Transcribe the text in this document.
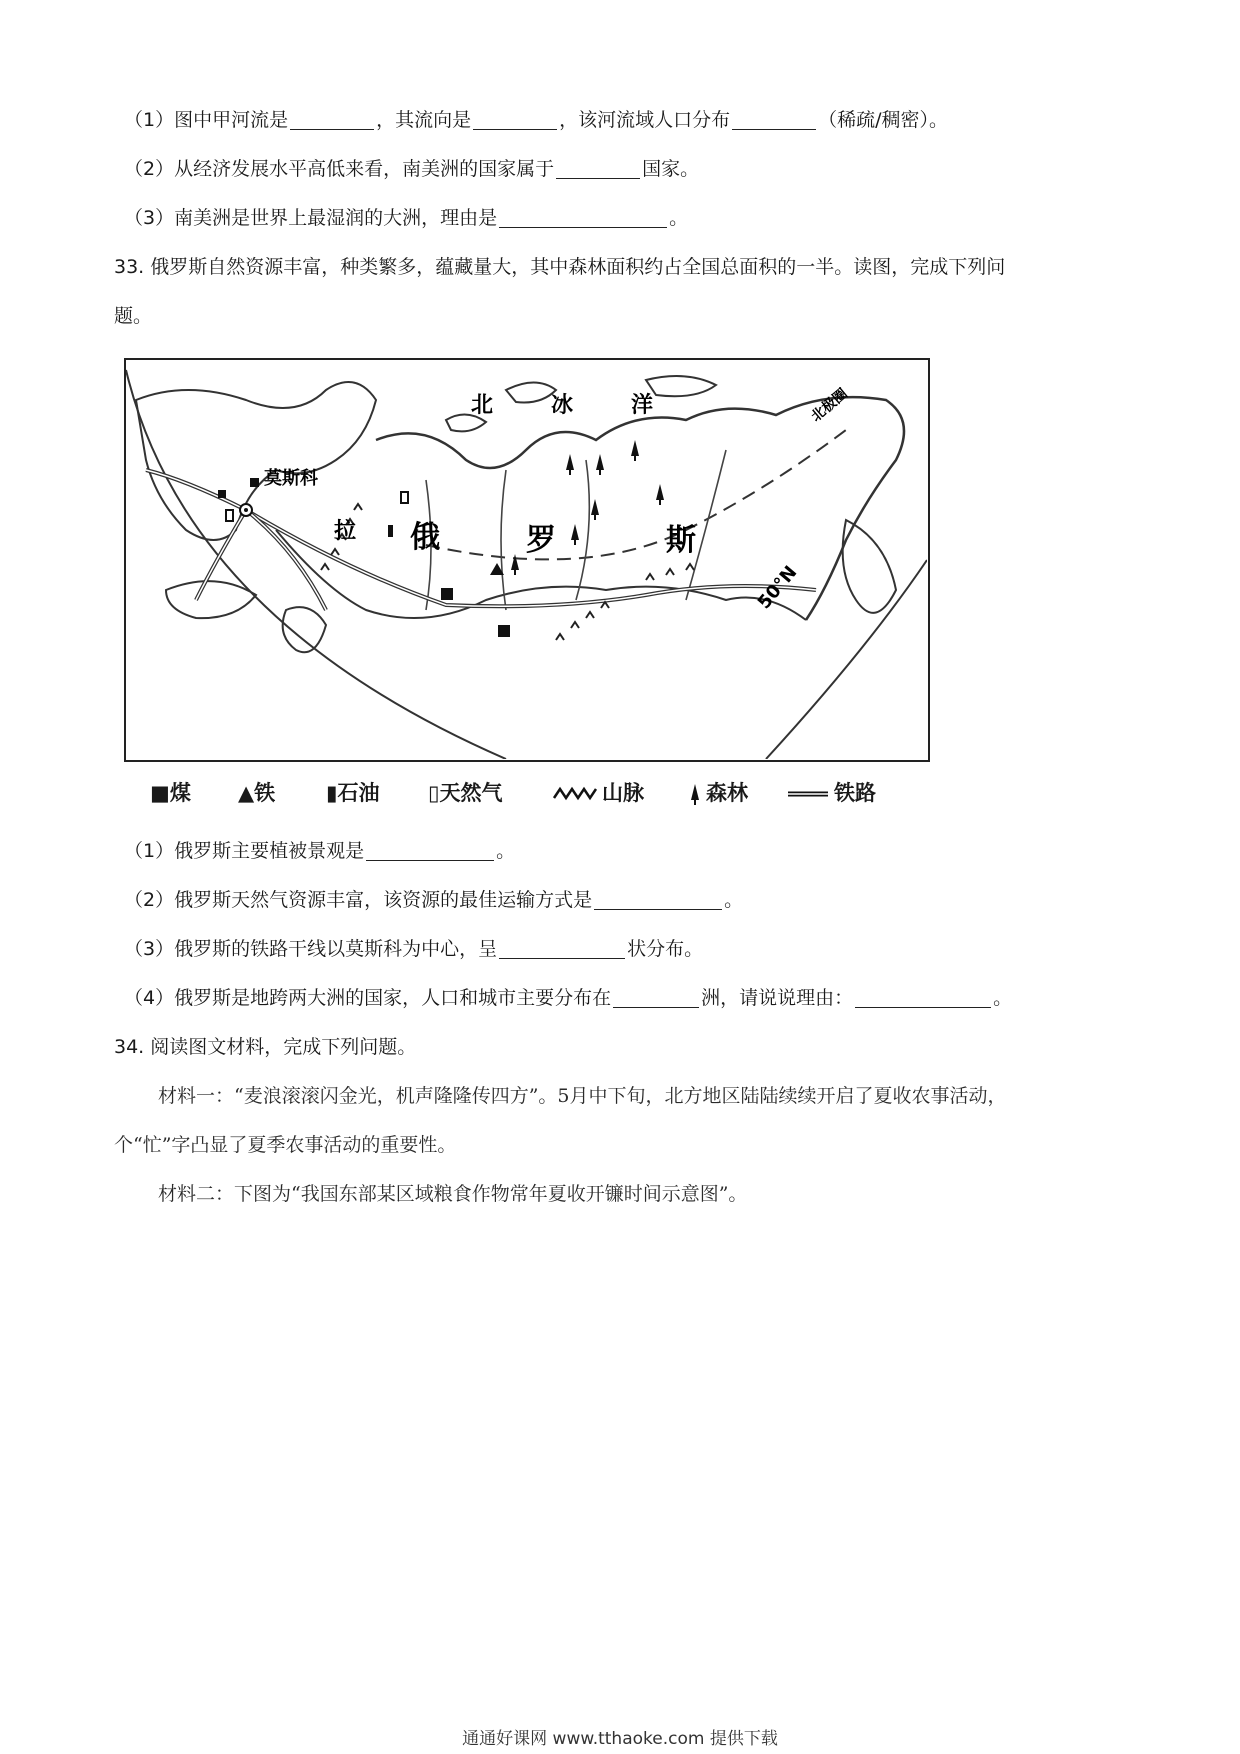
（1）图中甲河流是	，其流向是	，该河流域人口分布	（稀疏/稠密）。
（2）从经济发展水平高低来看，南美洲的国家属于	国家。
（3）南美洲是世界上最湿润的大洲，理由是	。
33. 俄罗斯自然资源丰富，种类繁多，蕴藏量大，其中森林面积约占全国总面积的一半。读图，完成下列问
题。
北	冰	洋
俄	罗	斯
莫斯科
拉
50°N
北极圈
■煤 ▲铁 ▮石油 ▯天然气	山脉	森林	铁路
（1）俄罗斯主要植被景观是	。
（2）俄罗斯天然气资源丰富，该资源的最佳运输方式是	。
（3）俄罗斯的铁路干线以莫斯科为中心，呈	状分布。
（4）俄罗斯是地跨两大洲的国家，人口和城市主要分布在	洲，请说说理由：	。
34. 阅读图文材料，完成下列问题。
材料一：“麦浪滚滚闪金光，机声隆隆传四方”。5月中下旬，北方地区陆陆续续开启了夏收农事活动，
个“忙”字凸显了夏季农事活动的重要性。
材料二：下图为“我国东部某区域粮食作物常年夏收开镰时间示意图”。
通通好课网 www.tthaoke.com 提供下载
